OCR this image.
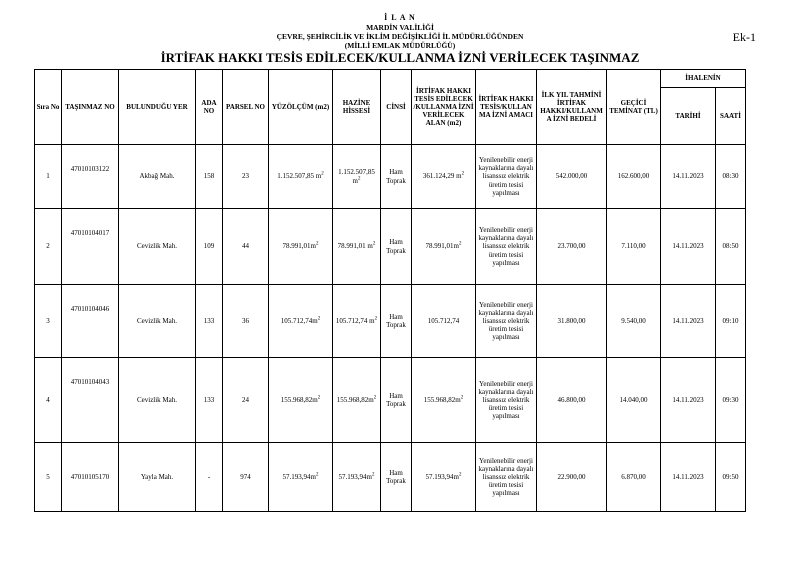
İ L A N
MARDİN VALİLİĞİ
ÇEVRE, ŞEHİRCİLİK VE İKLİM DEĞİŞİKLİĞİ İL MÜDÜRLÜĞÜNDEN
(MİLLİ EMLAK MÜDÜRLÜĞÜ)
İRTİFAK HAKKI TESİS EDİLECEK/KULLANMA İZNİ VERİLECEK TAŞINMAZ
Ek-1
Sıra No	TAŞINMAZ NO	BULUNDUĞU YER	ADA NO	PARSEL NO	YÜZÖLÇÜM (m2)	HAZİNE HİSSESİ	CİNSİ	İRTİFAK HAKKI TESİS EDİLECEK /KULLANMA İZNİ VERİLECEK ALAN (m2)	İRTİFAK HAKKI TESİS/KULLANMA İZNİ AMACI	İLK YIL TAHMİNİ İRTİFAK HAKKI/KULLANMA İZNİ BEDELİ	GEÇİCİ TEMİNAT (TL)	İHALENİN	
												TARİHİ	SAATİ
1	47010103122	Akbağ Mah.	158	23	1.152.507,85 $m^2$	1.152.507,85 $m^2$	Ham Toprak	361.124,29 $m^2$	Yenilenebilir enerji kaynaklarına dayalı lisanssız elektrik üretim tesisi yapılması	542.000,00	162.600,00	14.11.2023	08:30
2	47010104017	Cevizlik Mah.	109	44	$78.991,01m^2$	78.991,01 $m^2$	Ham Toprak	$78.991,01m^2$	Yenilenebilir enerji kaynaklarına dayalı lisanssız elektrik üretim tesisi yapılması	23.700,00	7.110,00	14.11.2023	08:50
3	47010104046	Cevizlik Mah.	133	36	$105.712,74m^2$	105.712,74 $m^2$	Ham Toprak	105.712,74	Yenilenebilir enerji kaynaklarına dayalı lisanssız elektrik üretim tesisi yapılması	31.800,00	9.540,00	14.11.2023	09:10
4	47010104043	Cevizlik Mah.	133	24	$155.968,82m^2$	$155.968,82m^2$	Ham Toprak	$155.968,82m^2$	Yenilenebilir enerji kaynaklarına dayalı lisanssız elektrik üretim tesisi yapılması	46.800,00	14.040,00	14.11.2023	09:30
5	47010105170	Yayla Mah.	-	974	$57.193,94m^2$	$57.193,94m^2$	Ham Toprak	$57.193,94m^2$	Yenilenebilir enerji kaynaklarına dayalı lisanssız elektrik üretim tesisi yapılması	22.900,00	6.870,00	14.11.2023	09:50
